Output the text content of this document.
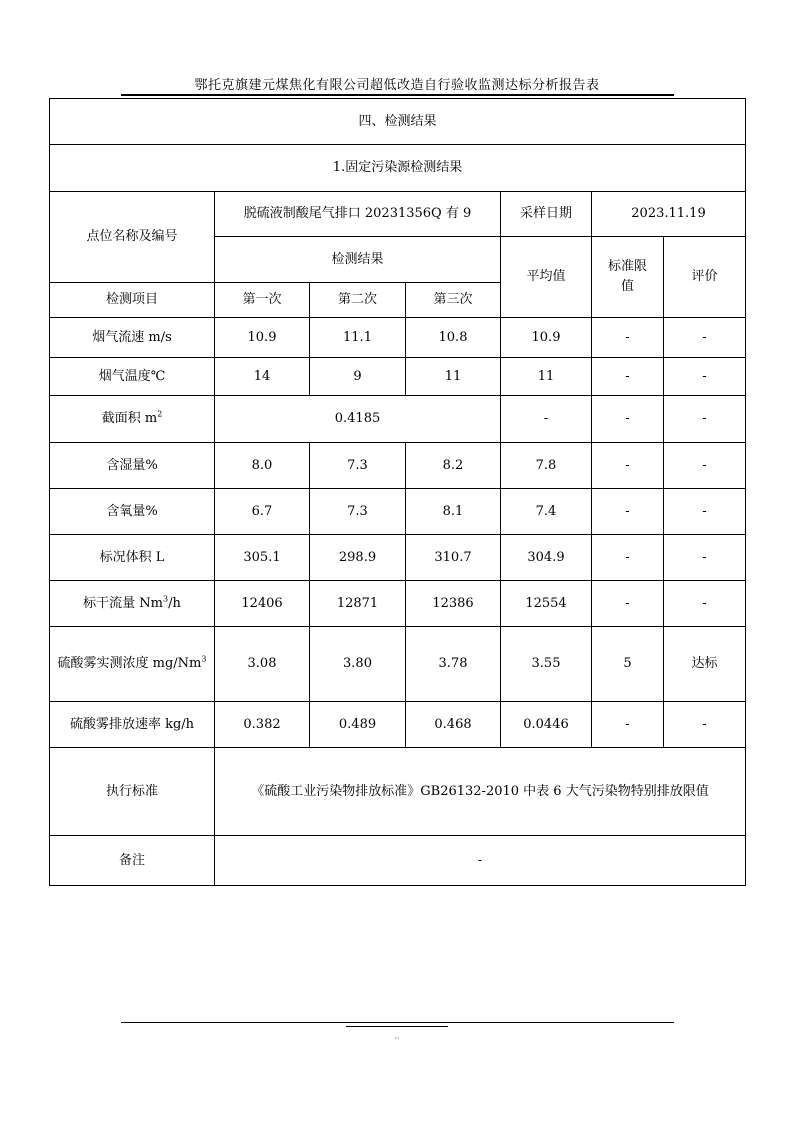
鄂托克旗建元煤焦化有限公司超低改造自行验收监测达标分析报告表
四、检测结果						
1.固定污染源检测结果						
点位名称及编号	脱硫液制酸尾气排口 20231356Q 有 9			采样日期	2023.11.19	
	检测结果			平均值	标准限值	评价
检测项目	第一次	第二次	第三次			
烟气流速 m/s	10.9	11.1	10.8	10.9	-	-
烟气温度℃	14	9	11	11	-	-
截面积 $m^2$	0.4185			-	-	-
含湿量%	8.0	7.3	8.2	7.8	-	-
含氧量%	6.7	7.3	8.1	7.4	-	-
标况体积 L	305.1	298.9	310.7	304.9	-	-
标干流量 Nm$^3$/h	12406	12871	12386	12554	-	-
硫酸雾实测浓度 mg/Nm$^3$	3.08	3.80	3.78	3.55	5	达标
硫酸雾排放速率 kg/h	0.382	0.489	0.468	0.0446	-	-
执行标准	《硫酸工业污染物排放标准》GB26132-2010 中表 6 大气污染物特别排放限值					
备注	-					
··
